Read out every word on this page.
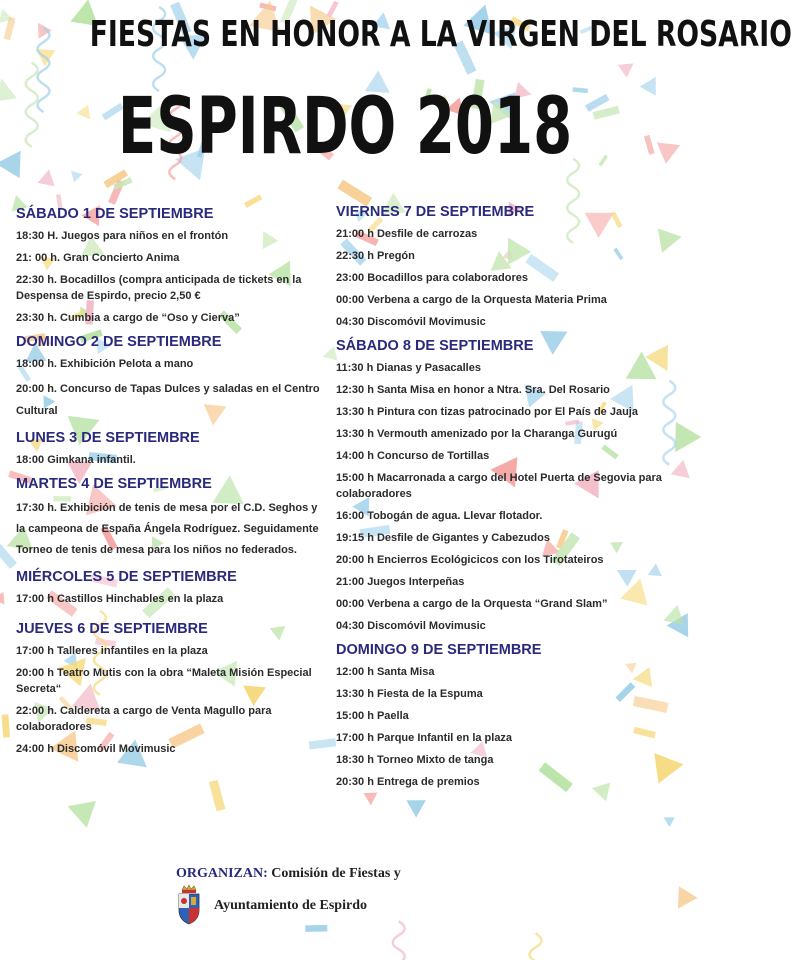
FIESTAS EN HONOR A LA VIRGEN DEL ROSARIO
ESPIRDO 2018
SÁBADO 1 DE SEPTIEMBRE
18:30 H. Juegos para niños en el frontón
21: 00 h. Gran Concierto Anima
22:30 h. Bocadillos (compra anticipada de tickets en la Despensa de Espirdo, precio 2,50 €
23:30 h. Cumbia a cargo de “Oso y Cierva”
DOMINGO 2 DE SEPTIEMBRE
18:00 h. Exhibición Pelota a mano
20:00 h. Concurso de Tapas Dulces y saladas en el Centro Cultural
LUNES 3 DE SEPTIEMBRE
18:00 Gimkana infantil.
MARTES 4 DE SEPTIEMBRE
17:30 h. Exhibición de tenis de mesa por el C.D. Seghos y la campeona de España Ángela Rodríguez. Seguidamente Torneo de tenis de mesa para los niños no federados.
MIÉRCOLES 5 DE SEPTIEMBRE
17:00 h Castillos Hinchables en la plaza
JUEVES 6 DE SEPTIEMBRE
17:00 h Talleres infantiles en la plaza
20:00 h Teatro Mutis con la obra “Maleta Misión Especial Secreta“
22:00 h. Caldereta a cargo de Venta Magullo para colaboradores
24:00 h Discomóvil Movimusic
VIERNES 7 DE SEPTIEMBRE
21:00 h Desfile de carrozas
22:30 h Pregón
23:00 Bocadillos para colaboradores
00:00 Verbena a cargo de la Orquesta Materia Prima
04:30 Discomóvil Movimusic
SÁBADO 8 DE SEPTIEMBRE
11:30 h Dianas y Pasacalles
12:30 h Santa Misa en honor a Ntra. Sra. Del Rosario
13:30 h Pintura con tizas patrocinado por El País de Jauja
13:30 h Vermouth amenizado por la Charanga Gurugú
14:00 h Concurso de Tortillas
15:00 h Macarronada a cargo del Hotel Puerta de Segovia para colaboradores
16:00 Tobogán de agua. Llevar flotador.
19:15 h Desfile de Gigantes y Cabezudos
20:00 h Encierros Ecológicicos con los Tirotateiros
21:00 Juegos Interpeñas
00:00 Verbena a cargo de la Orquesta “Grand Slam”
04:30 Discomóvil Movimusic
DOMINGO 9 DE SEPTIEMBRE
12:00 h Santa Misa
13:30 h Fiesta de la Espuma
15:00 h Paella
17:00 h Parque Infantil en la plaza
18:30 h Torneo Mixto de tanga
20:30 h Entrega de premios
ORGANIZAN: Comisión de Fiestas y
Ayuntamiento de Espirdo
